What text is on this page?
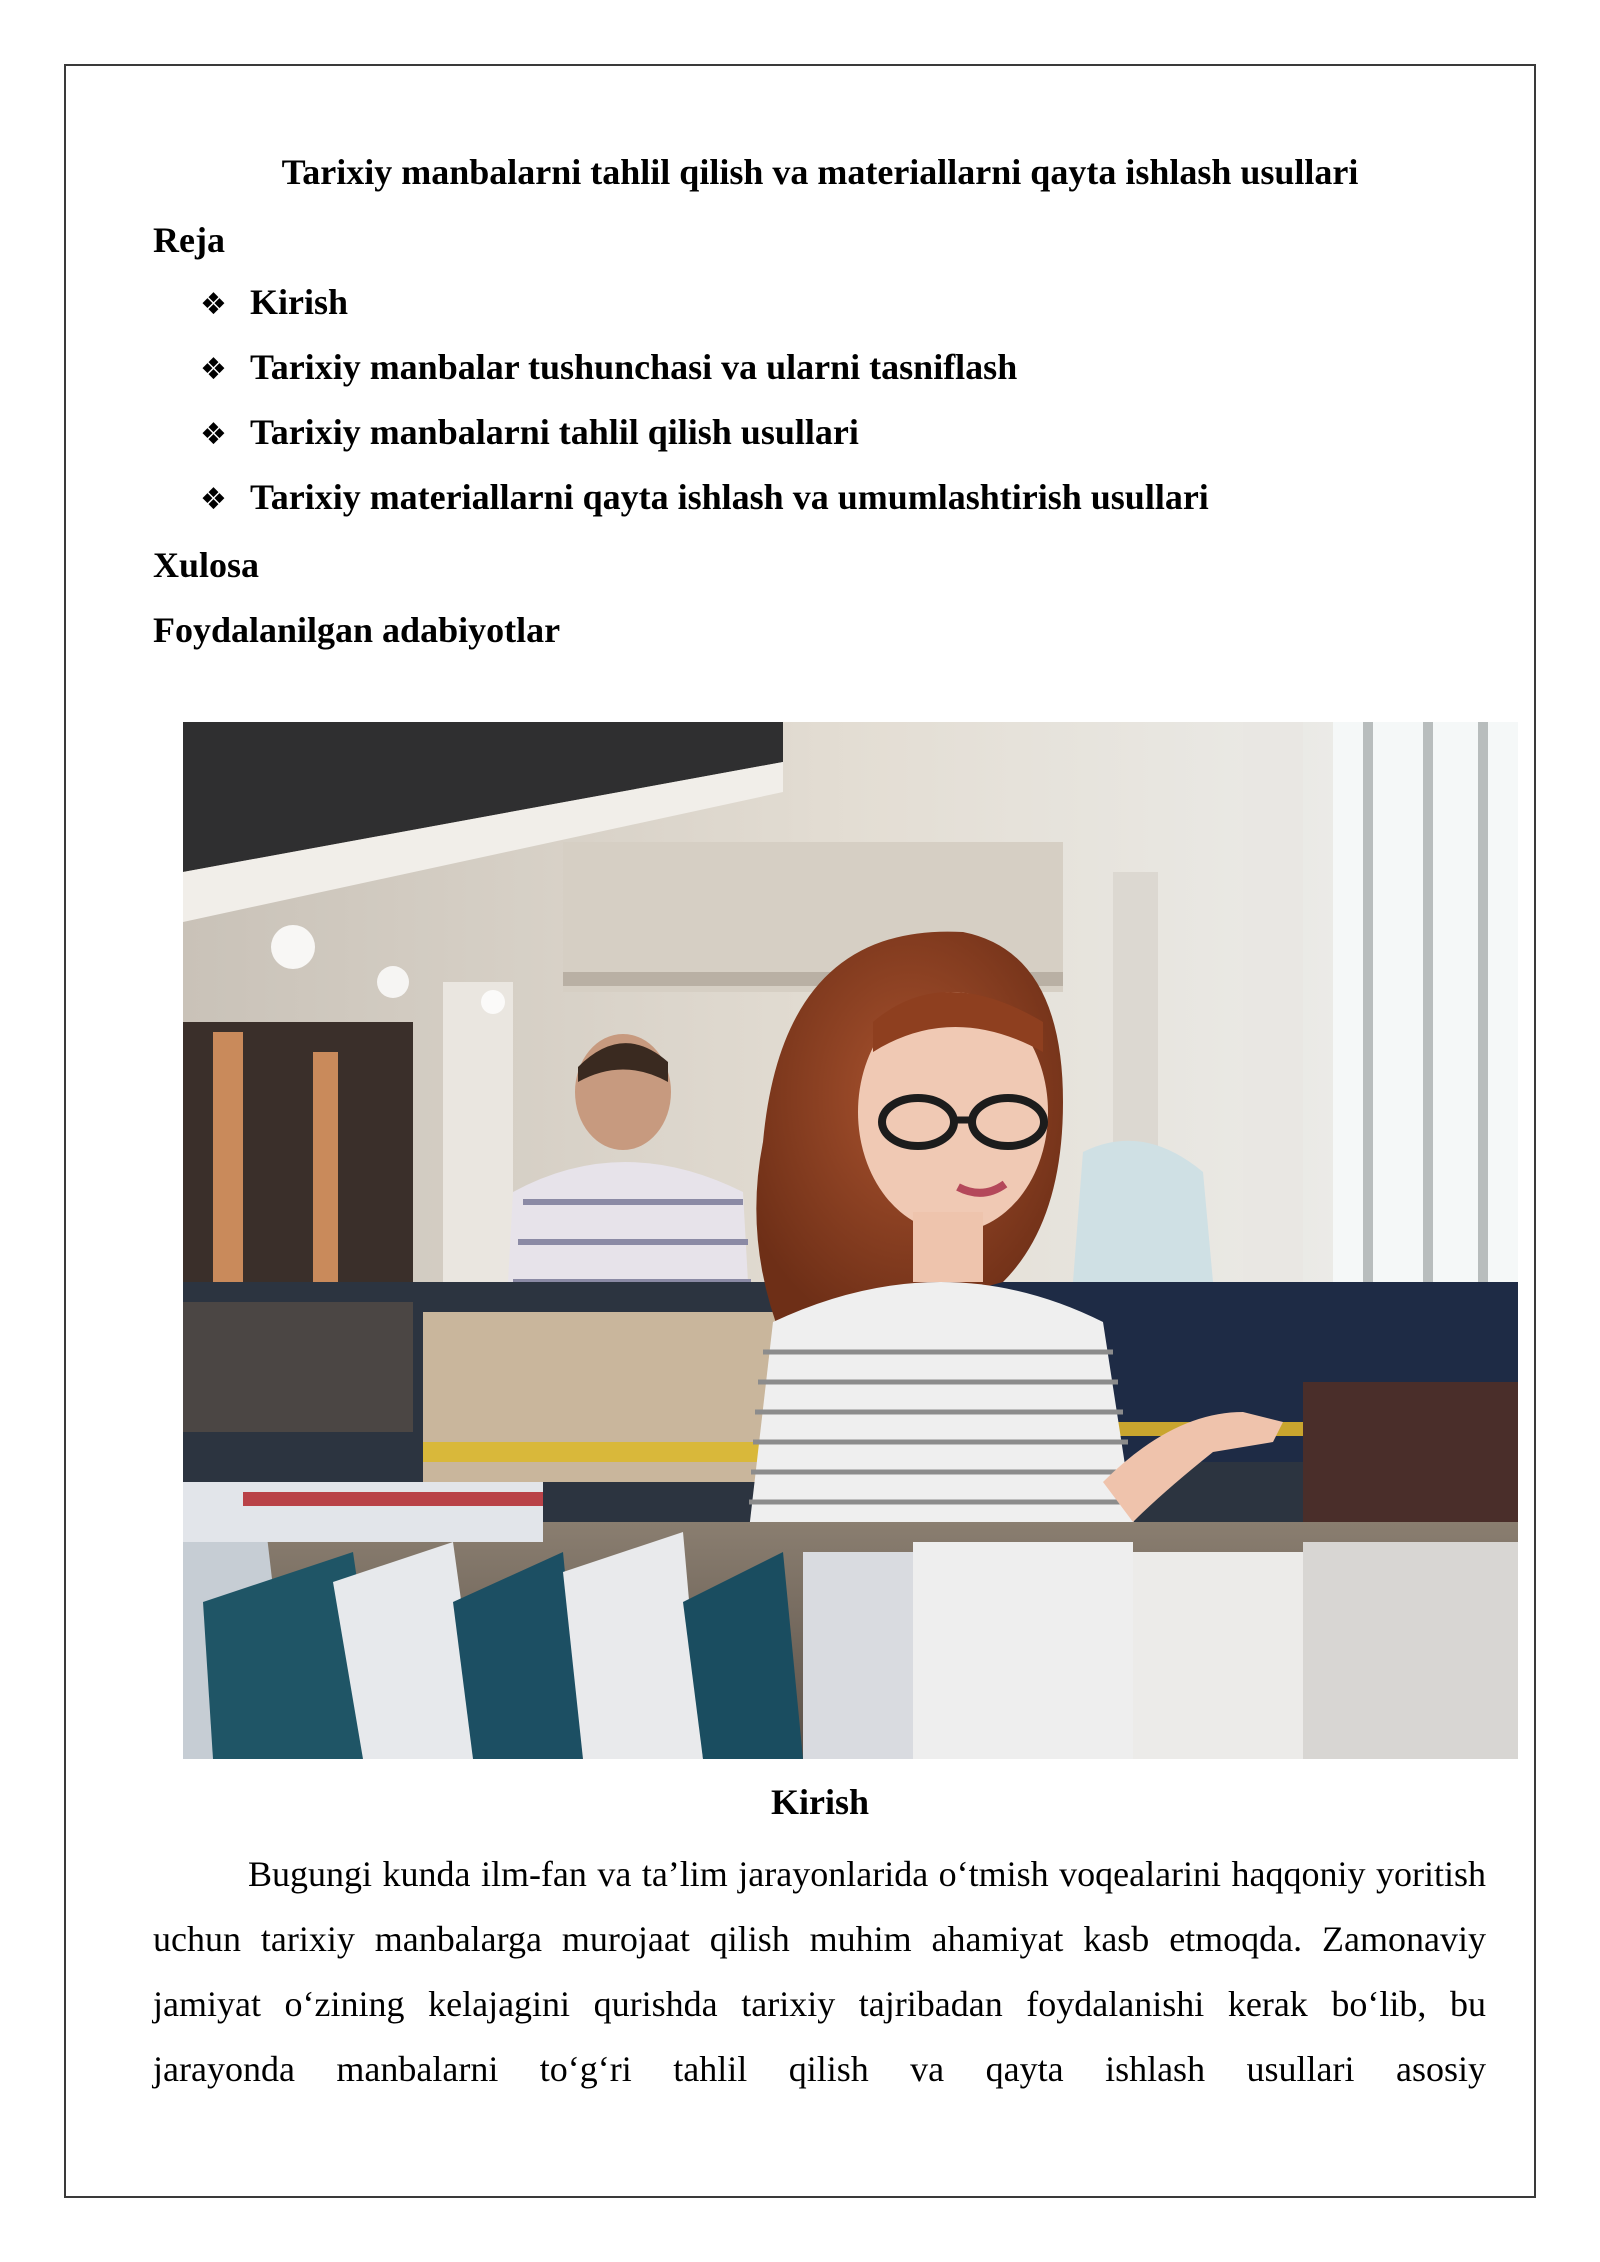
Tarixiy manbalarni tahlil qilish va materiallarni qayta ishlash usullari
Reja
❖ Kirish
❖ Tarixiy manbalar tushunchasi va ularni tasniflash
❖ Tarixiy manbalarni tahlil qilish usullari
❖ Tarixiy materiallarni qayta ishlash va umumlashtirish usullari
Xulosa
Foydalanilgan adabiyotlar
Kirish

Bugungi kunda ilm-fan va ta’lim jarayonlarida o‘tmish voqealarini haqqoniy yoritish uchun tarixiy manbalarga murojaat qilish muhim ahamiyat kasb etmoqda. Zamonaviy jamiyat o‘zining kelajagini qurishda tarixiy tajribadan foydalanishi kerak bo‘lib, bu jarayonda manbalarni to‘g‘ri tahlil qilish va qayta ishlash usullari asosiy
